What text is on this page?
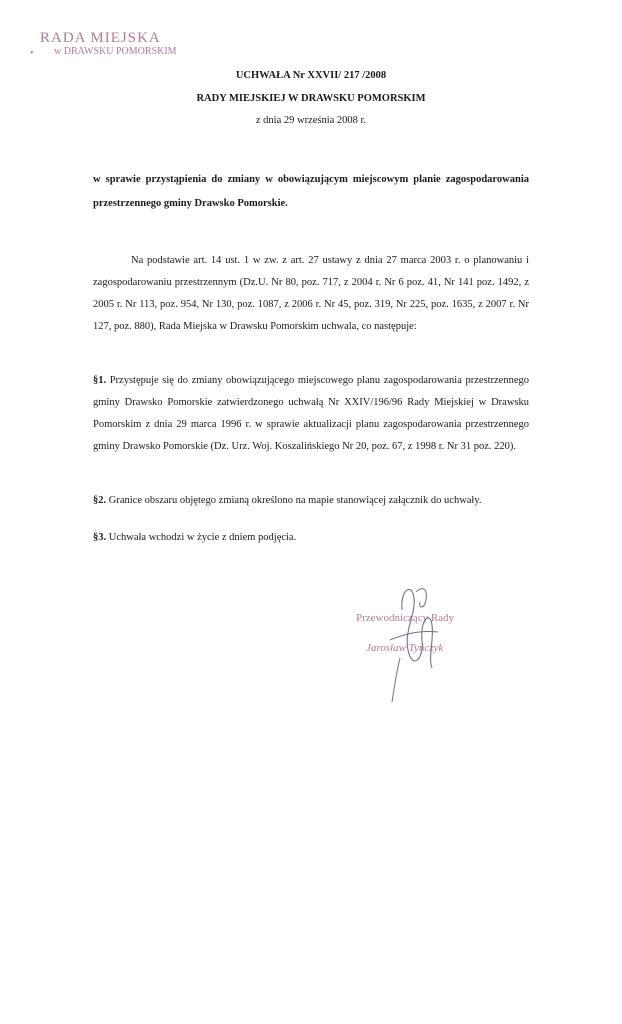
•
RADA MIEJSKA
w DRAWSKU POMORSKIM
UCHWAŁA Nr XXVII/ 217 /2008
RADY MIEJSKIEJ W DRAWSKU POMORSKIM
z dnia 29 września 2008 r.
w sprawie przystąpienia do zmiany w obowiązującym miejscowym planie zagospodarowania przestrzennego gminy Drawsko Pomorskie.
Na podstawie art. 14 ust. 1 w zw. z art. 27 ustawy z dnia 27 marca 2003 r. o planowaniu i zagospodarowaniu przestrzennym (Dz.U. Nr 80, poz. 717, z 2004 r. Nr 6 poz. 41, Nr 141 poz. 1492, z 2005 r. Nr 113, poz. 954, Nr 130, poz. 1087, z 2006 r. Nr 45, poz. 319, Nr 225, poz. 1635, z 2007 r. Nr 127, poz. 880), Rada Miejska w Drawsku Pomorskim uchwala, co następuje:
§1. Przystępuje się do zmiany obowiązującego miejscowego planu zagospodarowania przestrzennego gminy Drawsko Pomorskie zatwierdzonego uchwałą Nr XXIV/196/96 Rady Miejskiej w Drawsku Pomorskim z dnia 29 marca 1996 r. w sprawie aktualizacji planu zagospodarowania przestrzennego gminy Drawsko Pomorskie (Dz. Urz. Woj. Koszalińskiego Nr 20, poz. 67, z 1998 r. Nr 31 poz. 220).
§2. Granice obszaru objętego zmianą określono na mapie stanowiącej załącznik do uchwały.
§3. Uchwała wchodzi w życie z dniem podjęcia.
Przewodniczący Rady
Jarosław Tyńczyk
